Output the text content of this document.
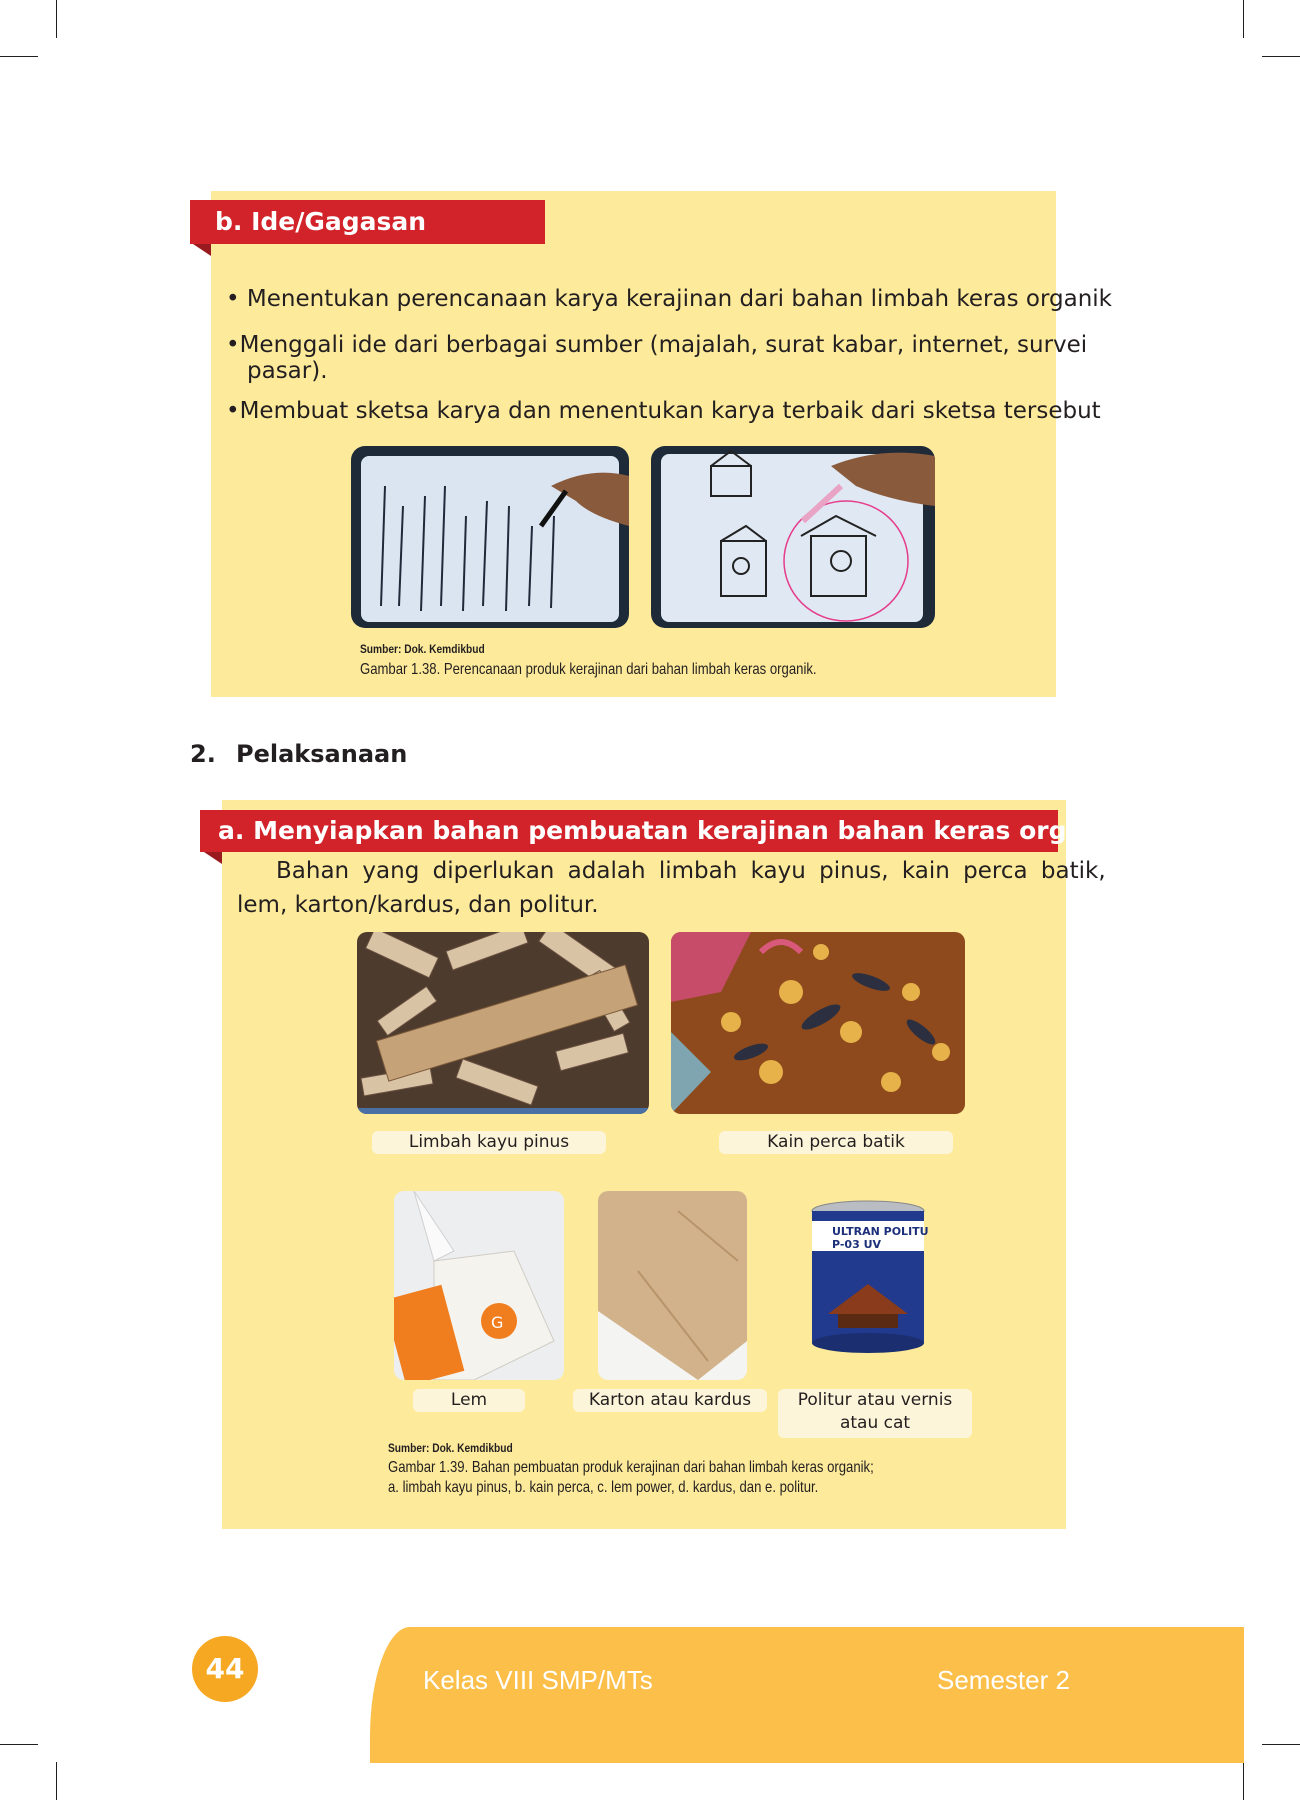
b. Ide/Gagasan
• Menentukan perencanaan karya kerajinan dari bahan limbah keras organik
•Menggali ide dari berbagai sumber (majalah, surat kabar, internet, survei
pasar).
•Membuat sketsa karya dan menentukan karya terbaik dari sketsa tersebut
Sumber: Dok. Kemdikbud
Gambar 1.38. Perencanaan produk kerajinan dari bahan limbah keras organik.
2. Pelaksanaan
a. Menyiapkan bahan pembuatan kerajinan bahan keras organik
Bahan yang diperlukan adalah limbah kayu pinus, kain perca batik,
lem, karton/kardus, dan politur.
Limbah kayu pinus	Kain perca batik
G
ULTRAN POLITUR
P-03 UV
Lem	Karton atau kardus	Politur atau vernis
atau cat
Sumber: Dok. Kemdikbud
Gambar 1.39. Bahan pembuatan produk kerajinan dari bahan limbah keras organik;
a. limbah kayu pinus, b. kain perca, c. lem power, d. kardus, dan e. politur.
44	Kelas VIII SMP/MTs	Semester 2
